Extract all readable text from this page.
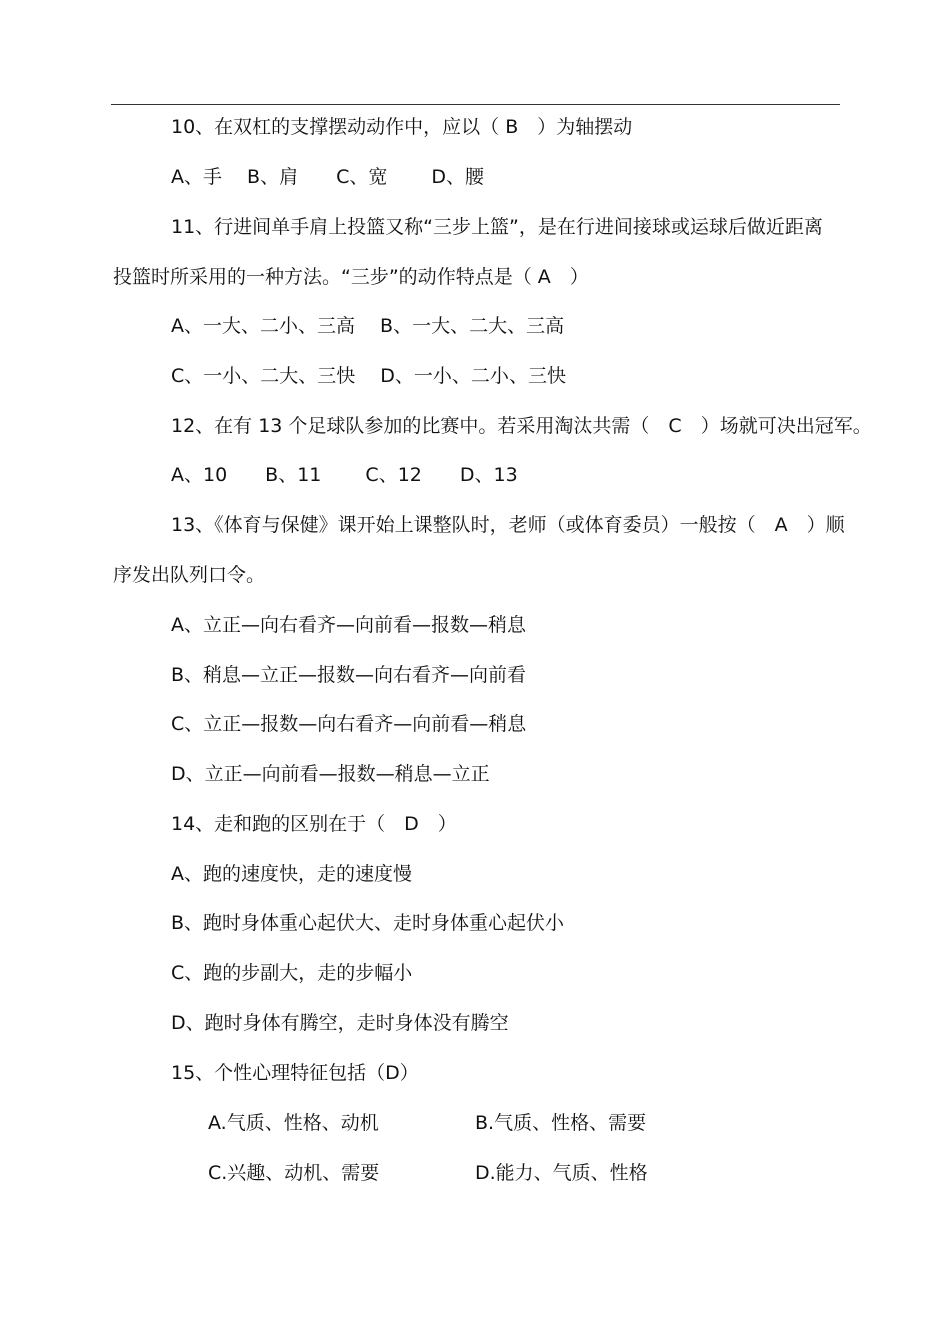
10、在双杠的支撑摆动动作中，应以（ B　）为轴摆动
A、手　 B、肩　　C、宽　　 D、腰
11、行进间单手肩上投篮又称“三步上篮”，是在行进间接球或运球后做近距离
投篮时所采用的一种方法。“三步”的动作特点是（ A　）
A、一大、二小、三高　 B、一大、二大、三高
C、一小、二大、三快　 D、一小、二小、三快
12、在有 13 个足球队参加的比赛中。若采用淘汰共需（　C　）场就可决出冠军。
A、10　　B、11　　 C、12　　D、13
13、《体育与保健》课开始上课整队时，老师（或体育委员）一般按（　A　）顺
序发出队列口令。
A、立正—向右看齐—向前看—报数—稍息
B、稍息—立正—报数—向右看齐—向前看
C、立正—报数—向右看齐—向前看—稍息
D、立正—向前看—报数—稍息—立正
14、走和跑的区别在于（　D　）
A、跑的速度快，走的速度慢
B、跑时身体重心起伏大、走时身体重心起伏小
C、跑的步副大，走的步幅小
D、跑时身体有腾空，走时身体没有腾空
15、个性心理特征包括（D）
A.气质、性格、动机	B.气质、性格、需要
C.兴趣、动机、需要	D.能力、气质、性格
